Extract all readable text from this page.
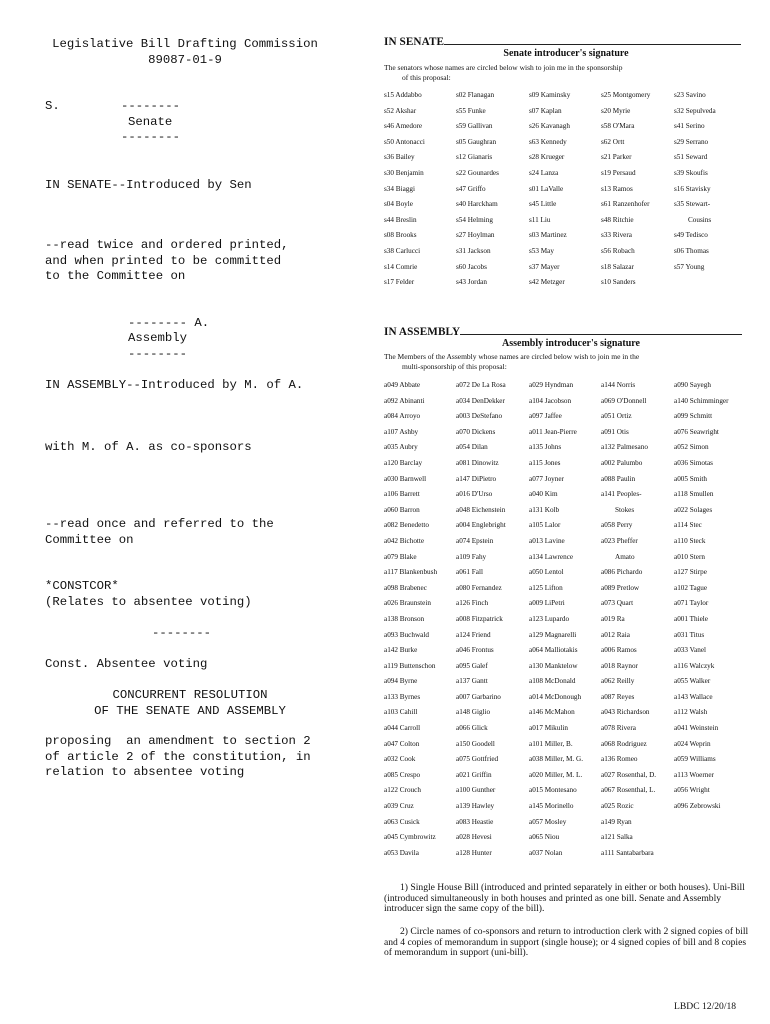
Legislative Bill Drafting Commission
89087-01-9
S.	--------
Senate
--------
IN SENATE--Introduced by Sen
--read twice and ordered printed,
and when printed to be committed
to the Committee on
-------- A.
Assembly
--------
IN ASSEMBLY--Introduced by M. of A.
with M. of A. as co-sponsors
--read once and referred to the
Committee on
*CONSTCOR*
(Relates to absentee voting)
--------
Const. Absentee voting
CONCURRENT RESOLUTION
OF THE SENATE AND ASSEMBLY
proposing  an amendment to section 2
of article 2 of the constitution, in
relation to absentee voting
IN SENATE
Senate introducer's signature
The senators whose names are circled below wish to join me in the sponsorship
of this proposal:
s15 Addabbo	s02 Flanagan	s09 Kaminsky	s25 Montgomery	s23 Savino
s52 Akshar	s55 Funke	s07 Kaplan	s20 Myrie	s32 Sepulveda
s46 Amedore	s59 Gallivan	s26 Kavanagh	s58 O'Mara	s41 Serino
s50 Antonacci	s05 Gaughran	s63 Kennedy	s62 Ortt	s29 Serrano
s36 Bailey	s12 Gianaris	s28 Krueger	s21 Parker	s51 Seward
s30 Benjamin	s22 Gounardes	s24 Lanza	s19 Persaud	s39 Skoufis
s34 Biaggi	s47 Griffo	s01 LaValle	s13 Ramos	s16 Stavisky
s04 Boyle	s40 Harckham	s45 Little	s61 Ranzenhofer	s35 Stewart-
s44 Breslin	s54 Helming	s11 Liu	s48 Ritchie	Cousins
s08 Brooks	s27 Hoylman	s03 Martinez	s33 Rivera	s49 Tedisco
s38 Carlucci	s31 Jackson	s53 May	s56 Robach	s06 Thomas
s14 Comrie	s60 Jacobs	s37 Mayer	s18 Salazar	s57 Young
s17 Felder	s43 Jordan	s42 Metzger	s10 Sanders
IN ASSEMBLY
Assembly introducer's signature
The Members of the Assembly whose names are circled below wish to join me in the
multi-sponsorship of this proposal:
a049 Abbate	a072 De La Rosa	a029 Hyndman	a144 Norris	a090 Sayegh
a092 Abinanti	a034 DenDekker	a104 Jacobson	a069 O'Donnell	a140 Schimminger
a084 Arroyo	a003 DeStefano	a097 Jaffee	a051 Ortiz	a099 Schmitt
a107 Ashby	a070 Dickens	a011 Jean-Pierre	a091 Otis	a076 Seawright
a035 Aubry	a054 Dilan	a135 Johns	a132 Palmesano	a052 Simon
a120 Barclay	a081 Dinowitz	a115 Jones	a002 Palumbo	a036 Simotas
a030 Barnwell	a147 DiPietro	a077 Joyner	a088 Paulin	a005 Smith
a106 Barrett	a016 D'Urso	a040 Kim	a141 Peoples-	a118 Smullen
a060 Barron	a048 Eichenstein	a131 Kolb	Stokes	a022 Solages
a082 Benedetto	a004 Englebright	a105 Lalor	a058 Perry	a114 Stec
a042 Bichotte	a074 Epstein	a013 Lavine	a023 Pheffer	a110 Steck
a079 Blake	a109 Fahy	a134 Lawrence	Amato	a010 Stern
a117 Blankenbush	a061 Fall	a050 Lentol	a086 Pichardo	a127 Stirpe
a098 Brabenec	a080 Fernandez	a125 Lifton	a089 Pretlow	a102 Tague
a026 Braunstein	a126 Finch	a009 LiPetri	a073 Quart	a071 Taylor
a138 Bronson	a008 Fitzpatrick	a123 Lupardo	a019 Ra	a001 Thiele
a093 Buchwald	a124 Friend	a129 Magnarelli	a012 Raia	a031 Titus
a142 Burke	a046 Frontus	a064 Malliotakis	a006 Ramos	a033 Vanel
a119 Buttenschon	a095 Galef	a130 Manktelow	a018 Raynor	a116 Walczyk
a094 Byrne	a137 Gantt	a108 McDonald	a062 Reilly	a055 Walker
a133 Byrnes	a007 Garbarino	a014 McDonough	a087 Reyes	a143 Wallace
a103 Cahill	a148 Giglio	a146 McMahon	a043 Richardson	a112 Walsh
a044 Carroll	a066 Glick	a017 Mikulin	a078 Rivera	a041 Weinstein
a047 Colton	a150 Goodell	a101 Miller, B.	a068 Rodriguez	a024 Weprin
a032 Cook	a075 Gottfried	a038 Miller, M. G.	a136 Romeo	a059 Williams
a085 Crespo	a021 Griffin	a020 Miller, M. L.	a027 Rosenthal, D.	a113 Woerner
a122 Crouch	a100 Gunther	a015 Montesano	a067 Rosenthal, L.	a056 Wright
a039 Cruz	a139 Hawley	a145 Morinello	a025 Rozic	a096 Zebrowski
a063 Cusick	a083 Heastie	a057 Mosley	a149 Ryan
a045 Cymbrowitz	a028 Hevesi	a065 Niou	a121 Salka
a053 Davila	a128 Hunter	a037 Nolan	a111 Santabarbara
1) Single House Bill (introduced and printed separately in either or both houses). Uni-Bill (introduced simultaneously in both houses and printed as one bill. Senate and Assembly introducer sign the same copy of the bill).
2) Circle names of co-sponsors and return to introduction clerk with 2 signed copies of bill and 4 copies of memorandum in support (single house); or 4 signed copies of bill and 8 copies of memorandum in support (uni-bill).
LBDC 12/20/18
